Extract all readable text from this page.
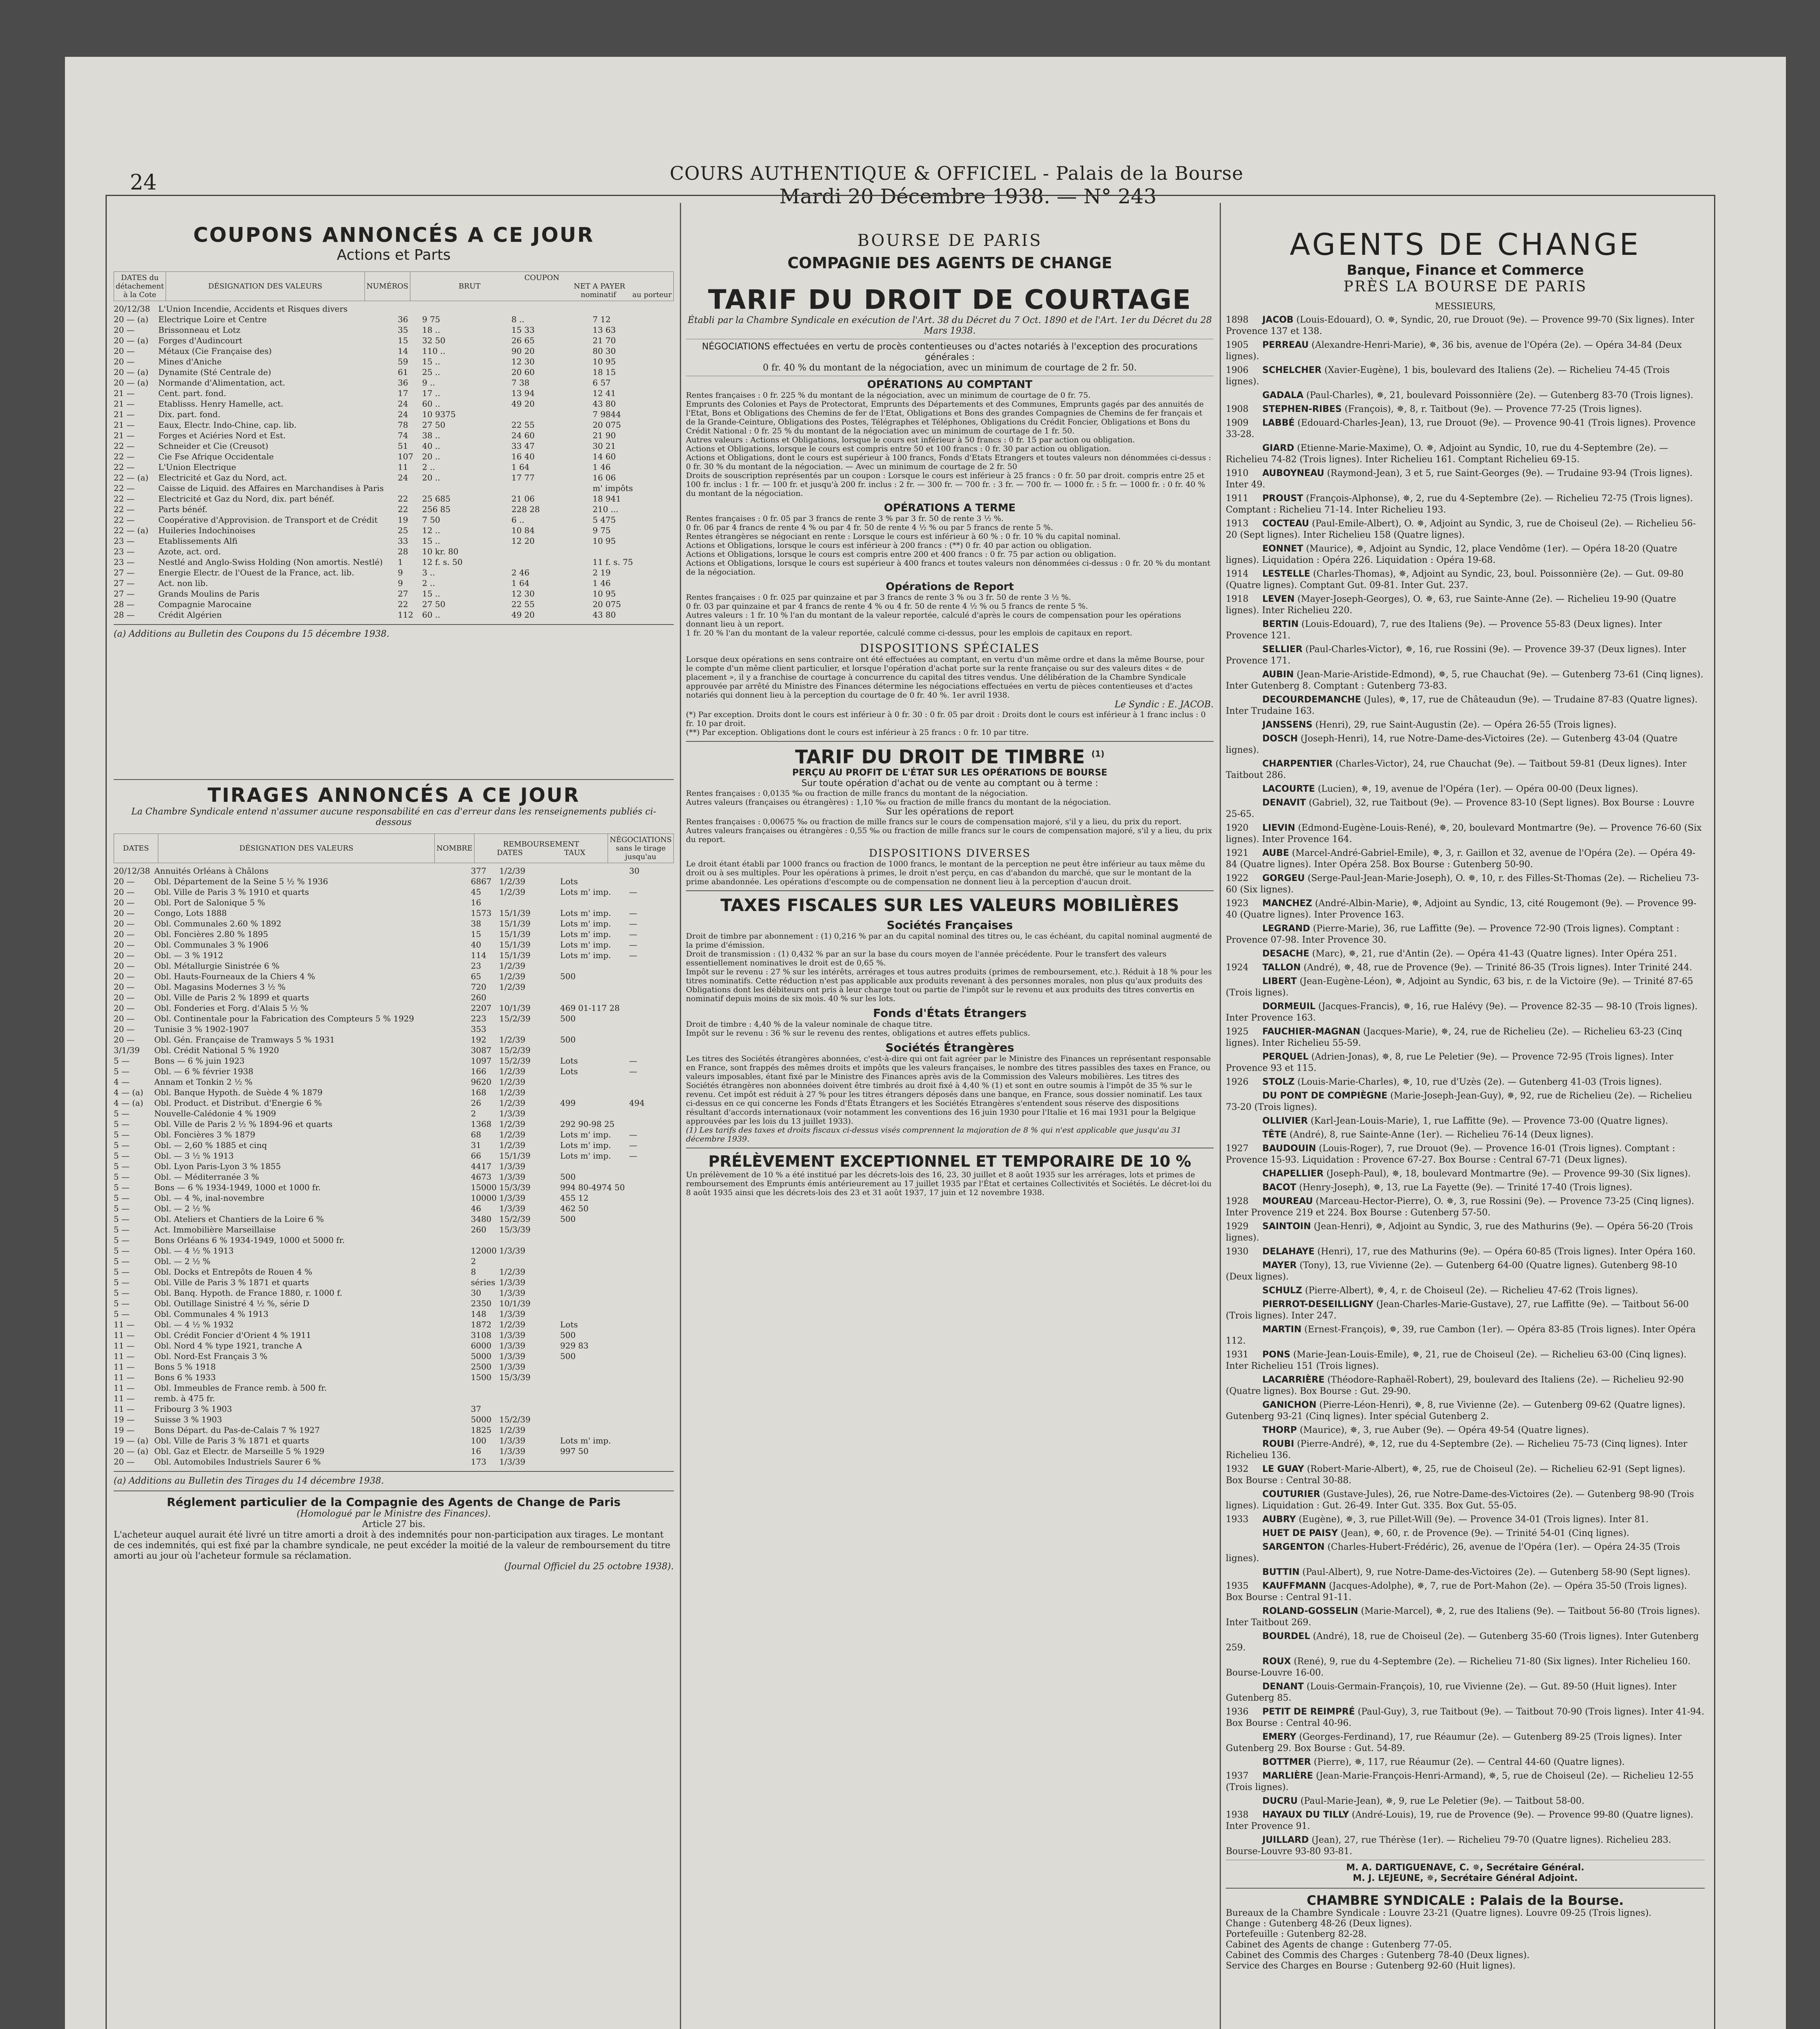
24	COURS AUTHENTIQUE & OFFICIEL - Palais de la Bourse
Mardi 20 Décembre 1938. — N° 243
COUPONS ANNONCÉS A CE JOUR
Actions et Parts
DATES du détachement à la Cote	DÉSIGNATION DES VALEURS	NUMÉROS	
COUPON
BRUT	NET A PAYER
nominatif au porteur
20/12/38	L'Union Incendie, Accidents et Risques divers
20 — (a)	Electrique Loire et Centre	36	9 75	8 ..	7 12
20 —	Brissonneau et Lotz	35	18 ..	15 33	13 63
20 — (a)	Forges d'Audincourt	15	32 50	26 65	21 70
20 —	Métaux (Cie Française des)	14	110 ..	90 20	80 30
20 —	Mines d'Aniche	59	15 ..	12 30	10 95
20 — (a)	Dynamite (Sté Centrale de)	61	25 ..	20 60	18 15
20 — (a)	Normande d'Alimentation, act.	36	9 ..	7 38	6 57
21 —	Cent. part. fond.	17	17 ..	13 94	12 41
21 —	Etablisss. Henry Hamelle, act.	24	60 ..	49 20	43 80
21 —	Dix. part. fond.	24	10 9375	7 9844
21 —	Eaux, Electr. Indo-Chine, cap. lib.	78	27 50	22 55	20 075
21 —	Forges et Aciéries Nord et Est.	74	38 ..	24 60	21 90
22 —	Schneider et Cie (Creusot)	51	40 ..	33 47	30 21
22 —	Cie Fse Afrique Occidentale	107	20 ..	16 40	14 60
22 —	L'Union Electrique	11	2 ..	1 64	1 46
22 — (a)	Electricité et Gaz du Nord, act.	24	20 ..	17 77	16 06
22 —	Caisse de Liquid. des Affaires en Marchandises à Paris	m' impôts
22 —	Electricité et Gaz du Nord, dix. part bénéf.	22	25 685	21 06	18 941
22 —	Parts bénéf.	22	256 85	228 28	210 ...
22 —	Coopérative d'Approvision. de Transport et de Crédit	19	7 50	6 ..	5 475
22 — (a)	Huileries Indochinoises	25	12 ..	10 84	9 75
23 —	Etablissements Alfi	33	15 ..	12 20	10 95
23 —	Azote, act. ord.	28	10 kr. 80
23 —	Nestlé and Anglo-Swiss Holding (Non amortis. Nestlé)	1	12 f. s. 50	11 f. s. 75
27 —	Energie Electr. de l'Ouest de la France, act. lib.	9	3 ..	2 46	2 19
27 —	Act. non lib.	9	2 ..	1 64	1 46
27 —	Grands Moulins de Paris	27	15 ..	12 30	10 95
28 —	Compagnie Marocaine	22	27 50	22 55	20 075
28 —	Crédit Algérien	112	60 ..	49 20	43 80
(a) Additions au Bulletin des Coupons du 15 décembre 1938.
TIRAGES ANNONCÉS A CE JOUR
La Chambre Syndicale entend n'assumer aucune responsabilité en cas d'erreur dans les renseignements publiés ci-dessous
DATES	DÉSIGNATION DES VALEURS	NOMBRE	REMBOURSEMENT
DATES	TAUX
	NÉGOCIATIONS sans le tirage jusqu'au
20/12/38 Annuités Orléans à Châlons	377	1/2/39	30
20 —	Obl. Département de la Seine 5 ½ % 1936	6867 1/2/39	Lots
20 —	Obl. Ville de Paris 3 % 1910 et quarts	45	1/2/39	Lots m' imp.	—
20 —	Obl. Port de Salonique 5 %	16
20 —	Congo, Lots 1888	1573 15/1/39	Lots m' imp.	—
20 —	Obl. Communales 2.60 % 1892	38	15/1/39	Lots m' imp.	—
20 —	Obl. Foncières 2.80 % 1895	15	15/1/39	Lots m' imp.	—
20 —	Obl. Communales 3 % 1906	40	15/1/39	Lots m' imp.	—
20 —	Obl. — 3 % 1912	114	15/1/39	Lots m' imp.	—
20 —	Obl. Métallurgie Sinistrée 6 %	23	1/2/39
20 —	Obl. Hauts-Fourneaux de la Chiers 4 %	65	1/2/39	500
20 —	Obl. Magasins Modernes 3 ½ %	720	1/2/39
20 —	Obl. Ville de Paris 2 % 1899 et quarts	260
20 —	Obl. Fonderies et Forg. d'Alais 5 ½ %	2207 10/1/39	469 01-117 28
20 —	Obl. Continentale pour la Fabrication des Compteurs 5 % 1929	223	15/2/39	500
20 —	Tunisie 3 % 1902-1907	353
20 —	Obl. Gén. Française de Tramways 5 % 1931	192	1/2/39	500
3/1/39	Obl. Crédit National 5 % 1920	3087 15/2/39
5 —	Bons — 6 % juin 1923	1097 15/2/39	Lots	—
5 —	Obl. — 6 % février 1938	166	1/2/39	Lots	—
4 —	Annam et Tonkin 2 ½ %	9620 1/2/39
4 — (a)	Obl. Banque Hypoth. de Suède 4 % 1879	168	1/2/39
4 — (a)	Obl. Product. et Distribut. d'Energie 6 %	26	1/2/39	499	494
5 —	Nouvelle-Calédonie 4 % 1909	2	1/3/39
5 —	Obl. Ville de Paris 2 ½ % 1894-96 et quarts	1368 1/2/39	292 90-98 25
5 —	Obl. Foncières 3 % 1879	68	1/2/39	Lots m' imp.	—
5 —	Obl. — 2,60 % 1885 et cinq	31	1/2/39	Lots m' imp.	—
5 —	Obl. — 3 ½ % 1913	66	15/1/39	Lots m' imp.	—
5 —	Obl. Lyon Paris-Lyon 3 % 1855	4417 1/3/39
5 —	Obl. — Méditerranée 3 %	4673 1/3/39	500
5 —	Bons — 6 % 1934-1949, 1000 et 1000 fr.	15000 15/3/39	994 80-4974 50
5 —	Obl. — 4 %, inal-novembre	10000 1/3/39	455 12
5 —	Obl. — 2 ½ %	46	1/3/39	462 50
5 —	Obl. Ateliers et Chantiers de la Loire 6 %	3480 15/2/39	500
5 —	Act. Immobilière Marseillaise	260	15/3/39
5 —	Bons Orléans 6 % 1934-1949, 1000 et 5000 fr.
5 —	Obl. — 4 ½ % 1913	12000 1/3/39
5 —	Obl. — 2 ½ %	2
5 —	Obl. Docks et Entrepôts de Rouen 4 %	8	1/2/39
5 —	Obl. Ville de Paris 3 % 1871 et quarts	séries 1/3/39
5 —	Obl. Banq. Hypoth. de France 1880, r. 1000 f.	30	1/3/39
5 —	Obl. Outillage Sinistré 4 ½ %, série D	2350 10/1/39
5 —	Obl. Communales 4 % 1913	148	1/3/39
11 —	Obl. — 4 ½ % 1932	1872 1/2/39	Lots
11 —	Obl. Crédit Foncier d'Orient 4 % 1911	3108 1/3/39	500
11 —	Obl. Nord 4 % type 1921, tranche A	6000 1/3/39	929 83
11 —	Obl. Nord-Est Français 3 %	5000 1/3/39	500
11 —	Bons 5 % 1918	2500 1/3/39
11 —	Bons 6 % 1933	1500 15/3/39
11 —	Obl. Immeubles de France remb. à 500 fr.
11 —	remb. à 475 fr.
11 —	Fribourg 3 % 1903	37
19 —	Suisse 3 % 1903	5000 15/2/39
19 —	Bons Départ. du Pas-de-Calais 7 % 1927	1825 1/2/39
19 — (a) Obl. Ville de Paris 3 % 1871 et quarts	100	1/3/39	Lots m' imp.
20 — (a) Obl. Gaz et Electr. de Marseille 5 % 1929	16	1/3/39	997 50
20 —	Obl. Automobiles Industriels Saurer 6 %	173	1/3/39
(a) Additions au Bulletin des Tirages du 14 décembre 1938.
Réglement particulier de la Compagnie des Agents de Change de Paris
(Homologué par le Ministre des Finances).
Article 27 bis.
L'acheteur auquel aurait été livré un titre amorti a droit à des indemnités pour non-participation aux tirages. Le montant de ces indemnités, qui est fixé par la chambre syndicale, ne peut excéder la moitié de la valeur de remboursement du titre amorti au jour où l'acheteur formule sa réclamation.
(Journal Officiel du 25 octobre 1938).
BOURSE DE PARIS
COMPAGNIE DES AGENTS DE CHANGE
TARIF DU DROIT DE COURTAGE
Établi par la Chambre Syndicale en exécution de l'Art. 38 du Décret du 7 Oct. 1890 et de l'Art. 1er du Décret du 28 Mars 1938.
NÉGOCIATIONS effectuées en vertu de procès contentieuses ou d'actes notariés à l'exception des procurations générales :
0 fr. 40 % du montant de la négociation, avec un minimum de courtage de 2 fr. 50.
OPÉRATIONS AU COMPTANT
Rentes françaises : 0 fr. 225 % du montant de la négociation, avec un minimum de courtage de 0 fr. 75.
Emprunts des Colonies et Pays de Protectorat, Emprunts des Départements et des Communes, Emprunts gagés par des annuités de l'Etat, Bons et Obligations des Chemins de fer de l'Etat, Obligations et Bons des grandes Compagnies de Chemins de fer français et de la Grande-Ceinture, Obligations des Postes, Télégraphes et Téléphones, Obligations du Crédit Foncier, Obligations et Bons du Crédit National : 0 fr. 25 % du montant de la négociation avec un minimum de courtage de 1 fr. 50.
Autres valeurs : Actions et Obligations, lorsque le cours est inférieur à 50 francs : 0 fr. 15 par action ou obligation.
Actions et Obligations, lorsque le cours est compris entre 50 et 100 francs : 0 fr. 30 par action ou obligation.
Actions et Obligations, dont le cours est supérieur à 100 francs, Fonds d'Etats Etrangers et toutes valeurs non dénommées ci-dessus : 0 fr. 30 % du montant de la négociation. — Avec un minimum de courtage de 2 fr. 50
Droits de souscription représentés par un coupon : Lorsque le cours est inférieur à 25 francs : 0 fr. 50 par droit. compris entre 25 et 100 fr. inclus : 1 fr. — 100 fr. et jusqu'à 200 fr. inclus : 2 fr. — 300 fr. — 700 fr. : 3 fr. — 700 fr. — 1000 fr. : 5 fr. — 1000 fr. : 0 fr. 40 % du montant de la négociation.
OPÉRATIONS A TERME
Rentes françaises : 0 fr. 05 par 3 francs de rente 3 % par 3 fr. 50 de rente 3 ½ %.
0 fr. 06 par 4 francs de rente 4 % ou par 4 fr. 50 de rente 4 ½ % ou par 5 francs de rente 5 %.
Rentes étrangères se négociant en rente : Lorsque le cours est inférieur à 60 % : 0 fr. 10 % du capital nominal.
Actions et Obligations, lorsque le cours est inférieur à 200 francs : (**) 0 fr. 40 par action ou obligation.
Actions et Obligations, lorsque le cours est compris entre 200 et 400 francs : 0 fr. 75 par action ou obligation.
Actions et Obligations, lorsque le cours est supérieur à 400 francs et toutes valeurs non dénommées ci-dessus : 0 fr. 20 % du montant de la négociation.
Opérations de Report
Rentes françaises : 0 fr. 025 par quinzaine et par 3 francs de rente 3 % ou 3 fr. 50 de rente 3 ½ %.
0 fr. 03 par quinzaine et par 4 francs de rente 4 % ou 4 fr. 50 de rente 4 ½ % ou 5 francs de rente 5 %.
Autres valeurs : 1 fr. 10 % l'an du montant de la valeur reportée, calculé d'après le cours de compensation pour les opérations donnant lieu à un report.
1 fr. 20 % l'an du montant de la valeur reportée, calculé comme ci-dessus, pour les emplois de capitaux en report.
DISPOSITIONS SPÉCIALES
Lorsque deux opérations en sens contraire ont été effectuées au comptant, en vertu d'un même ordre et dans la même Bourse, pour le compte d'un même client particulier, et lorsque l'opération d'achat porte sur la rente française ou sur des valeurs dites « de placement », il y a franchise de courtage à concurrence du capital des titres vendus. Une délibération de la Chambre Syndicale approuvée par arrêté du Ministre des Finances détermine les négociations effectuées en vertu de pièces contentieuses et d'actes notariés qui donnent lieu à la perception du courtage de 0 fr. 40 %. 1er avril 1938.
Le Syndic : E. JACOB.
(*) Par exception. Droits dont le cours est inférieur à 0 fr. 30 : 0 fr. 05 par droit : Droits dont le cours est inférieur à 1 franc inclus : 0 fr. 10 par droit.
(**) Par exception. Obligations dont le cours est inférieur à 25 francs : 0 fr. 10 par titre.
TARIF DU DROIT DE TIMBRE $^{(1)}$
PERÇU AU PROFIT DE L'ÉTAT SUR LES OPÉRATIONS DE BOURSE
Sur toute opération d'achat ou de vente au comptant ou à terme :
Rentes françaises : 0,0135 ‰ ou fraction de mille francs du montant de la négociation.
Autres valeurs (françaises ou étrangères) : 1,10 ‰ ou fraction de mille francs du montant de la négociation.
Sur les opérations de report
Rentes françaises : 0,00675 ‰ ou fraction de mille francs sur le cours de compensation majoré, s'il y a lieu, du prix du report.
Autres valeurs françaises ou étrangères : 0,55 ‰ ou fraction de mille francs sur le cours de compensation majoré, s'il y a lieu, du prix du report.
DISPOSITIONS DIVERSES
Le droit étant établi par 1000 francs ou fraction de 1000 francs, le montant de la perception ne peut être inférieur au taux même du droit ou à ses multiples. Pour les opérations à primes, le droit n'est perçu, en cas d'abandon du marché, que sur le montant de la prime abandonnée. Les opérations d'escompte ou de compensation ne donnent lieu à la perception d'aucun droit.
TAXES FISCALES SUR LES VALEURS MOBILIÈRES
Sociétés Françaises
Droit de timbre par abonnement : (1) 0,216 % par an du capital nominal des titres ou, le cas échéant, du capital nominal augmenté de la prime d'émission.
Droit de transmission : (1) 0,432 % par an sur la base du cours moyen de l'année précédente. Pour le transfert des valeurs essentiellement nominatives le droit est de 0,65 %.
Impôt sur le revenu : 27 % sur les intérêts, arrérages et tous autres produits (primes de remboursement, etc.). Réduit à 18 % pour les titres nominatifs. Cette réduction n'est pas applicable aux produits revenant à des personnes morales, non plus qu'aux produits des Obligations dont les débiteurs ont pris à leur charge tout ou partie de l'impôt sur le revenu et aux produits des titres convertis en nominatif depuis moins de six mois. 40 % sur les lots.
Fonds d'États Étrangers
Droit de timbre : 4,40 % de la valeur nominale de chaque titre.
Impôt sur le revenu : 36 % sur le revenu des rentes, obligations et autres effets publics.
Sociétés Étrangères
Les titres des Sociétés étrangères abonnées, c'est-à-dire qui ont fait agréer par le Ministre des Finances un représentant responsable en France, sont frappés des mêmes droits et impôts que les valeurs françaises, le nombre des titres passibles des taxes en France, ou valeurs imposables, étant fixé par le Ministre des Finances après avis de la Commission des Valeurs mobilières. Les titres des Sociétés étrangères non abonnées doivent être timbrés au droit fixé à 4,40 % (1) et sont en outre soumis à l'impôt de 35 % sur le revenu. Cet impôt est réduit à 27 % pour les titres étrangers déposés dans une banque, en France, sous dossier nominatif. Les taux ci-dessus en ce qui concerne les Fonds d'États Étrangers et les Sociétés Etrangères s'entendent sous réserve des dispositions résultant d'accords internationaux (voir notamment les conventions des 16 juin 1930 pour l'Italie et 16 mai 1931 pour la Belgique approuvées par les lois du 13 juillet 1933).
(1) Les tarifs des taxes et droits fiscaux ci-dessus visés comprennent la majoration de 8 % qui n'est applicable que jusqu'au 31 décembre 1939.
PRÉLÈVEMENT EXCEPTIONNEL ET TEMPORAIRE DE 10 %
Un prélèvement de 10 % a été institué par les décrets-lois des 16, 23, 30 juillet et 8 août 1935 sur les arrérages, lots et primes de remboursement des Emprunts émis antérieurement au 17 juillet 1935 par l'État et certaines Collectivités et Sociétés. Le décret-loi du 8 août 1935 ainsi que les décrets-lois des 23 et 31 août 1937, 17 juin et 12 novembre 1938.
AGENTS DE CHANGE
Banque, Finance et Commerce
PRÈS LA BOURSE DE PARIS
MESSIEURS,
1898 JACOB (Louis-Edouard), O. ✵, Syndic, 20, rue Drouot (9e). — Provence 99-70 (Six lignes). Inter Provence 137 et 138.
1905 PERREAU (Alexandre-Henri-Marie), ✵, 36 bis, avenue de l'Opéra (2e). — Opéra 34-84 (Deux lignes).
1906 SCHELCHER (Xavier-Eugène), 1 bis, boulevard des Italiens (2e). — Richelieu 74-45 (Trois lignes).
GADALA (Paul-Charles), ✵, 21, boulevard Poissonnière (2e). — Gutenberg 83-70 (Trois lignes).
1908 STEPHEN-RIBES (François), ✵, 8, r. Taitbout (9e). — Provence 77-25 (Trois lignes).
1909 LABBÉ (Edouard-Charles-Jean), 13, rue Drouot (9e). — Provence 90-41 (Trois lignes). Provence 33-28.
GIARD (Etienne-Marie-Maxime), O. ✵, Adjoint au Syndic, 10, rue du 4-Septembre (2e). — Richelieu 74-82 (Trois lignes). Inter Richelieu 161. Comptant Richelieu 69-15.
1910 AUBOYNEAU (Raymond-Jean), 3 et 5, rue Saint-Georges (9e). — Trudaine 93-94 (Trois lignes). Inter 49.
1911 PROUST (François-Alphonse), ✵, 2, rue du 4-Septembre (2e). — Richelieu 72-75 (Trois lignes). Comptant : Richelieu 71-14. Inter Richelieu 193.
1913 COCTEAU (Paul-Emile-Albert), O. ✵, Adjoint au Syndic, 3, rue de Choiseul (2e). — Richelieu 56-20 (Sept lignes). Inter Richelieu 158 (Quatre lignes).
EONNET (Maurice), ✵, Adjoint au Syndic, 12, place Vendôme (1er). — Opéra 18-20 (Quatre lignes). Liquidation : Opéra 226. Liquidation : Opéra 19-68.
1914 LESTELLE (Charles-Thomas), ✵, Adjoint au Syndic, 23, boul. Poissonnière (2e). — Gut. 09-80 (Quatre lignes). Comptant Gut. 09-81. Inter Gut. 237.
1918 LEVEN (Mayer-Joseph-Georges), O. ✵, 63, rue Sainte-Anne (2e). — Richelieu 19-90 (Quatre lignes). Inter Richelieu 220.
BERTIN (Louis-Edouard), 7, rue des Italiens (9e). — Provence 55-83 (Deux lignes). Inter Provence 121.
SELLIER (Paul-Charles-Victor), ✵, 16, rue Rossini (9e). — Provence 39-37 (Deux lignes). Inter Provence 171.
AUBIN (Jean-Marie-Aristide-Edmond), ✵, 5, rue Chauchat (9e). — Gutenberg 73-61 (Cinq lignes). Inter Gutenberg 8. Comptant : Gutenberg 73-83.
DECOURDEMANCHE (Jules), ✵, 17, rue de Châteaudun (9e). — Trudaine 87-83 (Quatre lignes). Inter Trudaine 163.
JANSSENS (Henri), 29, rue Saint-Augustin (2e). — Opéra 26-55 (Trois lignes).
DOSCH (Joseph-Henri), 14, rue Notre-Dame-des-Victoires (2e). — Gutenberg 43-04 (Quatre lignes).
CHARPENTIER (Charles-Victor), 24, rue Chauchat (9e). — Taitbout 59-81 (Deux lignes). Inter Taitbout 286.
LACOURTE (Lucien), ✵, 19, avenue de l'Opéra (1er). — Opéra 00-00 (Deux lignes).
DENAVIT (Gabriel), 32, rue Taitbout (9e). — Provence 83-10 (Sept lignes). Box Bourse : Louvre 25-65.
1920 LIEVIN (Edmond-Eugène-Louis-René), ✵, 20, boulevard Montmartre (9e). — Provence 76-60 (Six lignes). Inter Provence 164.
1921 AUBE (Marcel-André-Gabriel-Emile), ✵, 3, r. Gaillon et 32, avenue de l'Opéra (2e). — Opéra 49-84 (Quatre lignes). Inter Opéra 258. Box Bourse : Gutenberg 50-90.
1922 GORGEU (Serge-Paul-Jean-Marie-Joseph), O. ✵, 10, r. des Filles-St-Thomas (2e). — Richelieu 73-60 (Six lignes).
1923 MANCHEZ (André-Albin-Marie), ✵, Adjoint au Syndic, 13, cité Rougemont (9e). — Provence 99-40 (Quatre lignes). Inter Provence 163.
LEGRAND (Pierre-Marie), 36, rue Laffitte (9e). — Provence 72-90 (Trois lignes). Comptant : Provence 07-98. Inter Provence 30.
DESACHE (Marc), ✵, 21, rue d'Antin (2e). — Opéra 41-43 (Quatre lignes). Inter Opéra 251.
1924 TALLON (André), ✵, 48, rue de Provence (9e). — Trinité 86-35 (Trois lignes). Inter Trinité 244.
LIBERT (Jean-Eugène-Léon), ✵, Adjoint au Syndic, 63 bis, r. de la Victoire (9e). — Trinité 87-65 (Trois lignes).
DORMEUIL (Jacques-Francis), ✵, 16, rue Halévy (9e). — Provence 82-35 — 98-10 (Trois lignes). Inter Provence 163.
1925 FAUCHIER-MAGNAN (Jacques-Marie), ✵, 24, rue de Richelieu (2e). — Richelieu 63-23 (Cinq lignes). Inter Richelieu 55-59.
PERQUEL (Adrien-Jonas), ✵, 8, rue Le Peletier (9e). — Provence 72-95 (Trois lignes). Inter Provence 93 et 115.
1926 STOLZ (Louis-Marie-Charles), ✵, 10, rue d'Uzès (2e). — Gutenberg 41-03 (Trois lignes).
DU PONT DE COMPIÈGNE (Marie-Joseph-Jean-Guy), ✵, 92, rue de Richelieu (2e). — Richelieu 73-20 (Trois lignes).
OLLIVIER (Karl-Jean-Louis-Marie), 1, rue Laffitte (9e). — Provence 73-00 (Quatre lignes).
TÊTE (André), 8, rue Sainte-Anne (1er). — Richelieu 76-14 (Deux lignes).
1927 BAUDOUIN (Louis-Roger), 7, rue Drouot (9e). — Provence 16-01 (Trois lignes). Comptant : Provence 15-93. Liquidation : Provence 67-27. Box Bourse : Central 67-71 (Deux lignes).
CHAPELLIER (Joseph-Paul), ✵, 18, boulevard Montmartre (9e). — Provence 99-30 (Six lignes).
BACOT (Henry-Joseph), ✵, 13, rue La Fayette (9e). — Trinité 17-40 (Trois lignes).
1928 MOUREAU (Marceau-Hector-Pierre), O. ✵, 3, rue Rossini (9e). — Provence 73-25 (Cinq lignes). Inter Provence 219 et 224. Box Bourse : Gutenberg 57-50.
1929 SAINTOIN (Jean-Henri), ✵, Adjoint au Syndic, 3, rue des Mathurins (9e). — Opéra 56-20 (Trois lignes).
1930 DELAHAYE (Henri), 17, rue des Mathurins (9e). — Opéra 60-85 (Trois lignes). Inter Opéra 160.
MAYER (Tony), 13, rue Vivienne (2e). — Gutenberg 64-00 (Quatre lignes). Gutenberg 98-10 (Deux lignes).
SCHULZ (Pierre-Albert), ✵, 4, r. de Choiseul (2e). — Richelieu 47-62 (Trois lignes).
PIERROT-DESEILLIGNY (Jean-Charles-Marie-Gustave), 27, rue Laffitte (9e). — Taitbout 56-00 (Trois lignes). Inter 247.
MARTIN (Ernest-François), ✵, 39, rue Cambon (1er). — Opéra 83-85 (Trois lignes). Inter Opéra 112.
1931 PONS (Marie-Jean-Louis-Emile), ✵, 21, rue de Choiseul (2e). — Richelieu 63-00 (Cinq lignes). Inter Richelieu 151 (Trois lignes).
LACARRIÈRE (Théodore-Raphaël-Robert), 29, boulevard des Italiens (2e). — Richelieu 92-90 (Quatre lignes). Box Bourse : Gut. 29-90.
GANICHON (Pierre-Léon-Henri), ✵, 8, rue Vivienne (2e). — Gutenberg 09-62 (Quatre lignes). Gutenberg 93-21 (Cinq lignes). Inter spécial Gutenberg 2.
THORP (Maurice), ✵, 3, rue Auber (9e). — Opéra 49-54 (Quatre lignes).
ROUBI (Pierre-André), ✵, 12, rue du 4-Septembre (2e). — Richelieu 75-73 (Cinq lignes). Inter Richelieu 136.
1932 LE GUAY (Robert-Marie-Albert), ✵, 25, rue de Choiseul (2e). — Richelieu 62-91 (Sept lignes). Box Bourse : Central 30-88.
COUTURIER (Gustave-Jules), 26, rue Notre-Dame-des-Victoires (2e). — Gutenberg 98-90 (Trois lignes). Liquidation : Gut. 26-49. Inter Gut. 335. Box Gut. 55-05.
1933 AUBRY (Eugène), ✵, 3, rue Pillet-Will (9e). — Provence 34-01 (Trois lignes). Inter 81.
HUET DE PAISY (Jean), ✵, 60, r. de Provence (9e). — Trinité 54-01 (Cinq lignes).
SARGENTON (Charles-Hubert-Frédéric), 26, avenue de l'Opéra (1er). — Opéra 24-35 (Trois lignes).
BUTTIN (Paul-Albert), 9, rue Notre-Dame-des-Victoires (2e). — Gutenberg 58-90 (Sept lignes).
1935 KAUFFMANN (Jacques-Adolphe), ✵, 7, rue de Port-Mahon (2e). — Opéra 35-50 (Trois lignes). Box Bourse : Central 91-11.
ROLAND-GOSSELIN (Marie-Marcel), ✵, 2, rue des Italiens (9e). — Taitbout 56-80 (Trois lignes). Inter Taitbout 269.
BOURDEL (André), 18, rue de Choiseul (2e). — Gutenberg 35-60 (Trois lignes). Inter Gutenberg 259.
ROUX (René), 9, rue du 4-Septembre (2e). — Richelieu 71-80 (Six lignes). Inter Richelieu 160. Bourse-Louvre 16-00.
DENANT (Louis-Germain-François), 10, rue Vivienne (2e). — Gut. 89-50 (Huit lignes). Inter Gutenberg 85.
1936 PETIT DE REIMPRÉ (Paul-Guy), 3, rue Taitbout (9e). — Taitbout 70-90 (Trois lignes). Inter 41-94. Box Bourse : Central 40-96.
EMERY (Georges-Ferdinand), 17, rue Réaumur (2e). — Gutenberg 89-25 (Trois lignes). Inter Gutenberg 29. Box Bourse : Gut. 54-89.
BOTTMER (Pierre), ✵, 117, rue Réaumur (2e). — Central 44-60 (Quatre lignes).
1937 MARLIÈRE (Jean-Marie-François-Henri-Armand), ✵, 5, rue de Choiseul (2e). — Richelieu 12-55 (Trois lignes).
DUCRU (Paul-Marie-Jean), ✵, 9, rue Le Peletier (9e). — Taitbout 58-00.
1938 HAYAUX DU TILLY (André-Louis), 19, rue de Provence (9e). — Provence 99-80 (Quatre lignes). Inter Provence 91.
JUILLARD (Jean), 27, rue Thérèse (1er). — Richelieu 79-70 (Quatre lignes). Richelieu 283. Bourse-Louvre 93-80 93-81.
M. A. DARTIGUENAVE, C. ✵, Secrétaire Général.
M. J. LEJEUNE, ✵, Secrétaire Général Adjoint.
CHAMBRE SYNDICALE : Palais de la Bourse.
Bureaux de la Chambre Syndicale : Louvre 23-21 (Quatre lignes). Louvre 09-25 (Trois lignes).
Change : Gutenberg 48-26 (Deux lignes).
Portefeuille : Gutenberg 82-28.
Cabinet des Agents de change : Gutenberg 77-05.
Cabinet des Commis des Charges : Gutenberg 78-40 (Deux lignes).
Service des Charges en Bourse : Gutenberg 92-60 (Huit lignes).
